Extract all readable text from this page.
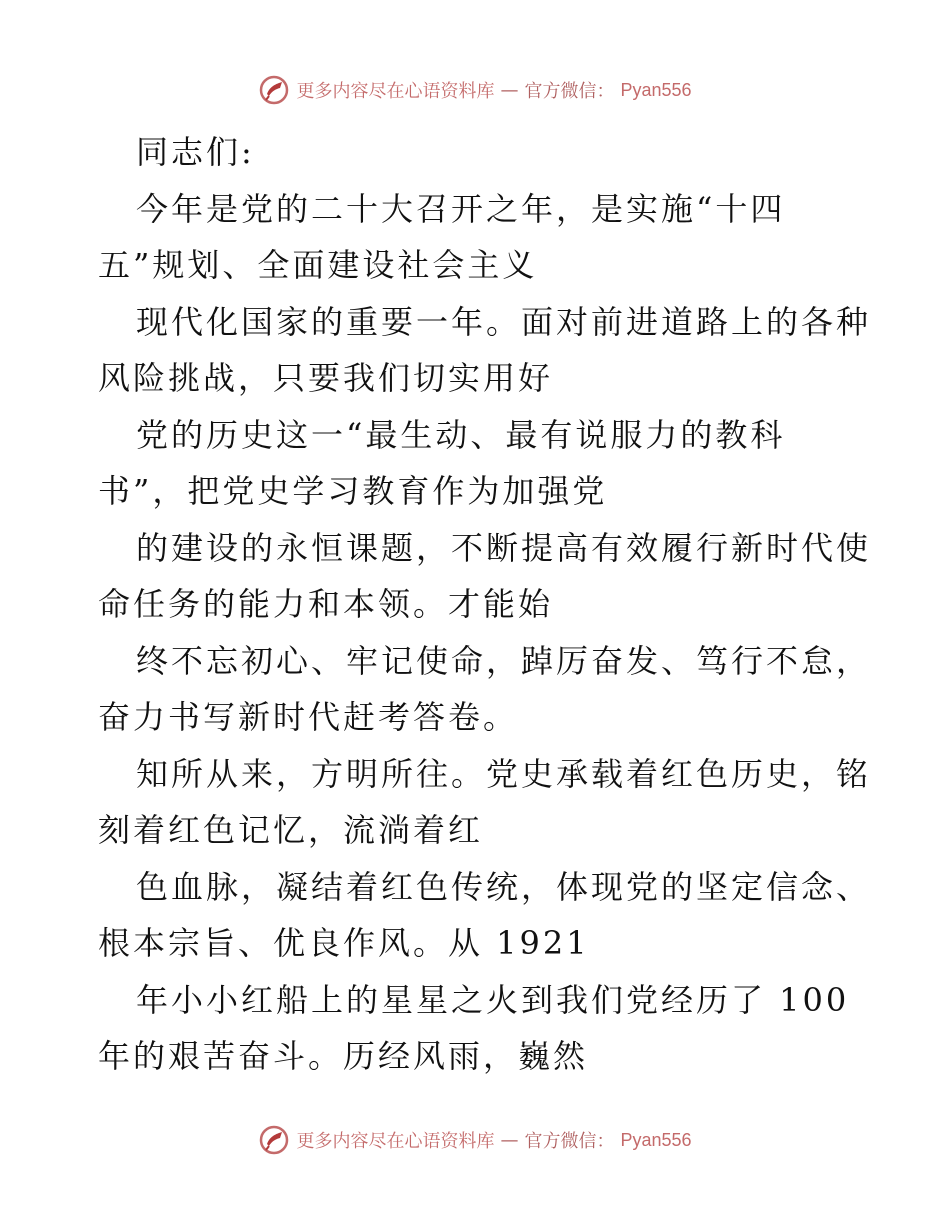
更多内容尽在心语资料库 — 官方微信： Pyan556
同志们:
今年是党的二十大召开之年，是实施“十四
五”规划、全面建设社会主义
现代化国家的重要一年。面对前进道路上的各种
风险挑战，只要我们切实用好
党的历史这一“最生动、最有说服力的教科
书”，把党史学习教育作为加强党
的建设的永恒课题，不断提高有效履行新时代使
命任务的能力和本领。才能始
终不忘初心、牢记使命，踔厉奋发、笃行不怠，
奋力书写新时代赶考答卷。
知所从来，方明所往。党史承载着红色历史，铭
刻着红色记忆，流淌着红
色血脉，凝结着红色传统，体现党的坚定信念、
根本宗旨、优良作风。从 1921
年小小红船上的星星之火到我们党经历了 100
年的艰苦奋斗。历经风雨，巍然
更多内容尽在心语资料库 — 官方微信： Pyan556
